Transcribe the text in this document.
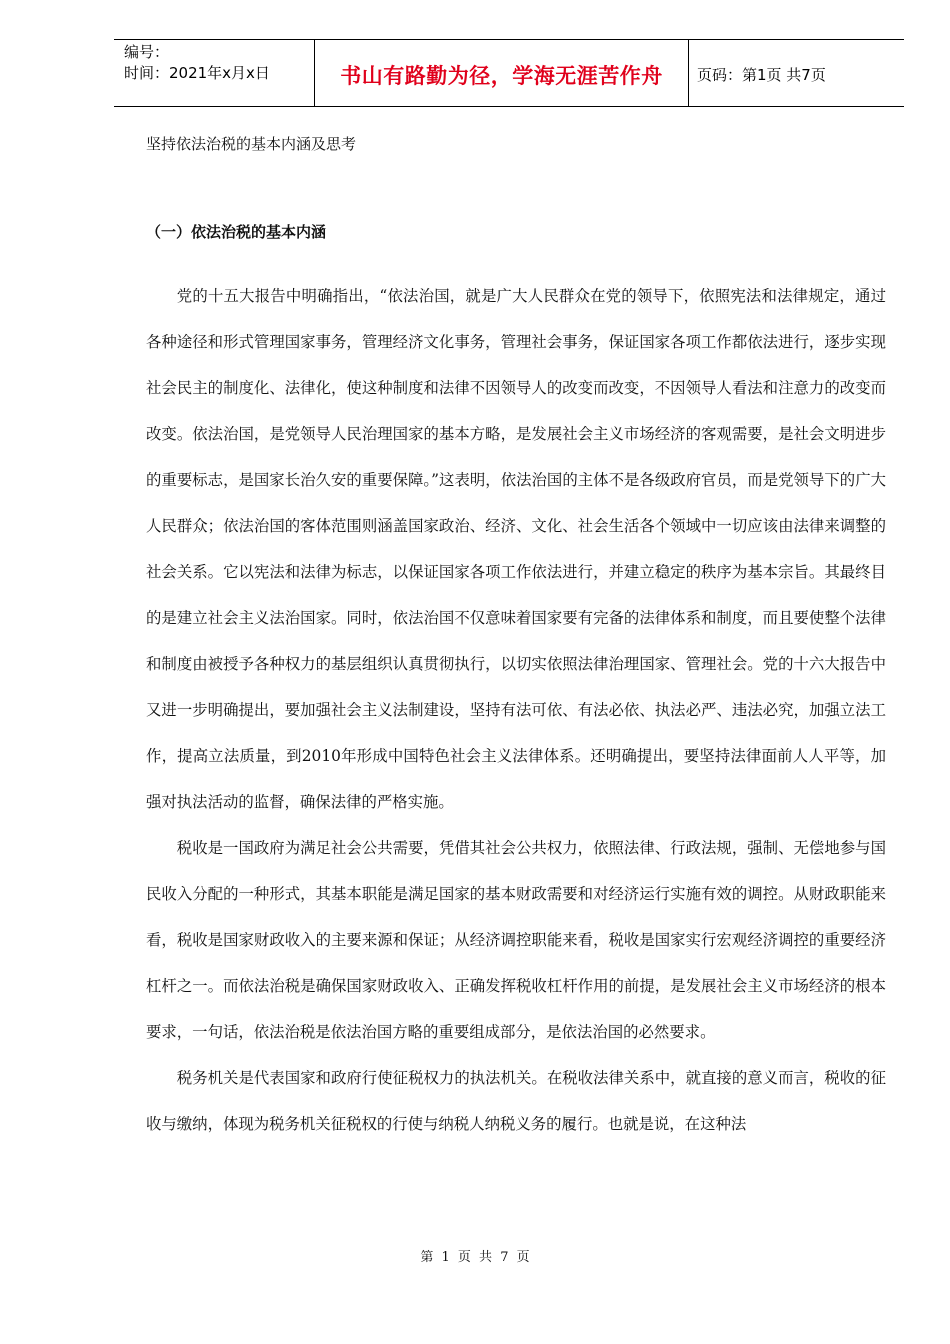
编号：
时间：2021年x月x日	书山有路勤为径，学海无涯苦作舟 页码：第1页 共7页

坚持依法治税的基本内涵及思考

（一）依法治税的基本内涵

党的十五大报告中明确指出，“依法治国，就是广大人民群众在党的领导下，依照宪法和法律规定，通过各种途径和形式管理国家事务，管理经济文化事务，管理社会事务，保证国家各项工作都依法进行，逐步实现社会民主的制度化、法律化，使这种制度和法律不因领导人的改变而改变，不因领导人看法和注意力的改变而改变。依法治国，是党领导人民治理国家的基本方略，是发展社会主义市场经济的客观需要，是社会文明进步的重要标志，是国家长治久安的重要保障。”这表明，依法治国的主体不是各级政府官员，而是党领导下的广大人民群众；依法治国的客体范围则涵盖国家政治、经济、文化、社会生活各个领域中一切应该由法律来调整的社会关系。它以宪法和法律为标志，以保证国家各项工作依法进行，并建立稳定的秩序为基本宗旨。其最终目的是建立社会主义法治国家。同时，依法治国不仅意味着国家要有完备的法律体系和制度，而且要使整个法律和制度由被授予各种权力的基层组织认真贯彻执行，以切实依照法律治理国家、管理社会。党的十六大报告中又进一步明确提出，要加强社会主义法制建设，坚持有法可依、有法必依、执法必严、违法必究，加强立法工作，提高立法质量，到2010年形成中国特色社会主义法律体系。还明确提出，要坚持法律面前人人平等，加强对执法活动的监督，确保法律的严格实施。

税收是一国政府为满足社会公共需要，凭借其社会公共权力，依照法律、行政法规，强制、无偿地参与国民收入分配的一种形式，其基本职能是满足国家的基本财政需要和对经济运行实施有效的调控。从财政职能来看，税收是国家财政收入的主要来源和保证；从经济调控职能来看，税收是国家实行宏观经济调控的重要经济杠杆之一。而依法治税是确保国家财政收入、正确发挥税收杠杆作用的前提，是发展社会主义市场经济的根本要求，一句话，依法治税是依法治国方略的重要组成部分，是依法治国的必然要求。

税务机关是代表国家和政府行使征税权力的执法机关。在税收法律关系中，就直接的意义而言，税收的征收与缴纳，体现为税务机关征税权的行使与纳税人纳税义务的履行。也就是说，在这种法

第 1 页 共 7 页
